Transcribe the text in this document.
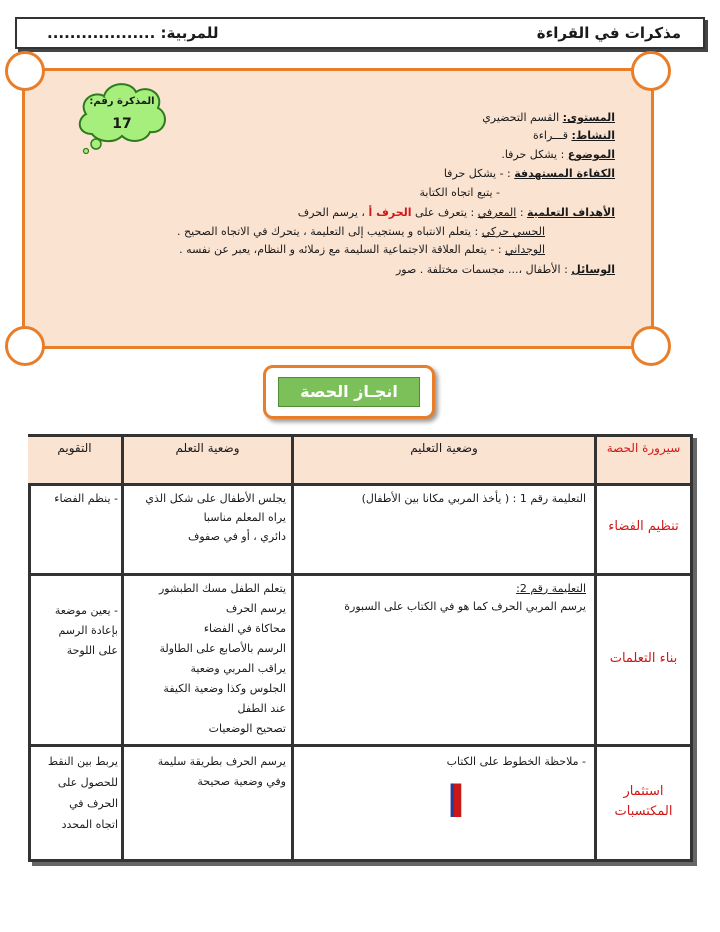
مذكرات في القراءة
للمربية: ...................
المذكرة رقم:
17	المستوى: القسم التحضيري
النشاط: قـــراءة
الموضوع : يشكل حرفا.
الكفاءة المستهدفة : - يشكل حرفا
- يتبع اتجاه الكتابة
الأهداف التعلمية : المعرفي : يتعرف على الحرف أ ، يرسم الحرف
الحسي حركي : يتعلم الانتباه و يستجيب إلى التعليمة ، يتحرك في الاتجاه الصحيح .
الوجداني : - يتعلم العلاقة الاجتماعية السليمة مع زملائه و النظام، يعبر عن نفسه .
الوسائل : الأطفال ،... مجسمات مختلفة . صور
انجـاز الحصة
سيرورة الحصة
وضعية التعليم
وضعية التعلم
التقويم
تنظيم الفضاء
التعليمة رقم 1 : ( يأخذ المربي مكانا بين الأطفال)
يجلس الأطفال على شكل الذي
يراه المعلم مناسبا
دائري ، أو في صفوف
- ينظم الفضاء
بناء التعلمات
التعليمة رقم 2:
يرسم المربي الحرف كما هو في الكتاب على السبورة
يتعلم الطفل مسك الطبشور
يرسم الحرف
محاكاة في الفضاء
الرسم بالأصابع على الطاولة
يراقب المربي وضعية
الجلوس وكذا وضعية الكيفة
عند الطفل
تصحيح الوضعيات
- يعين موضعة
بإعادة الرسم
على اللوحة
استثمار المكتسبات
- ملاحظة الخطوط على الكتاب
ا
يرسم الحرف بطريقة سليمة
وفي وضعية صحيحة
يربط بين النقط
للحصول على
الحرف في
اتجاه المحدد
